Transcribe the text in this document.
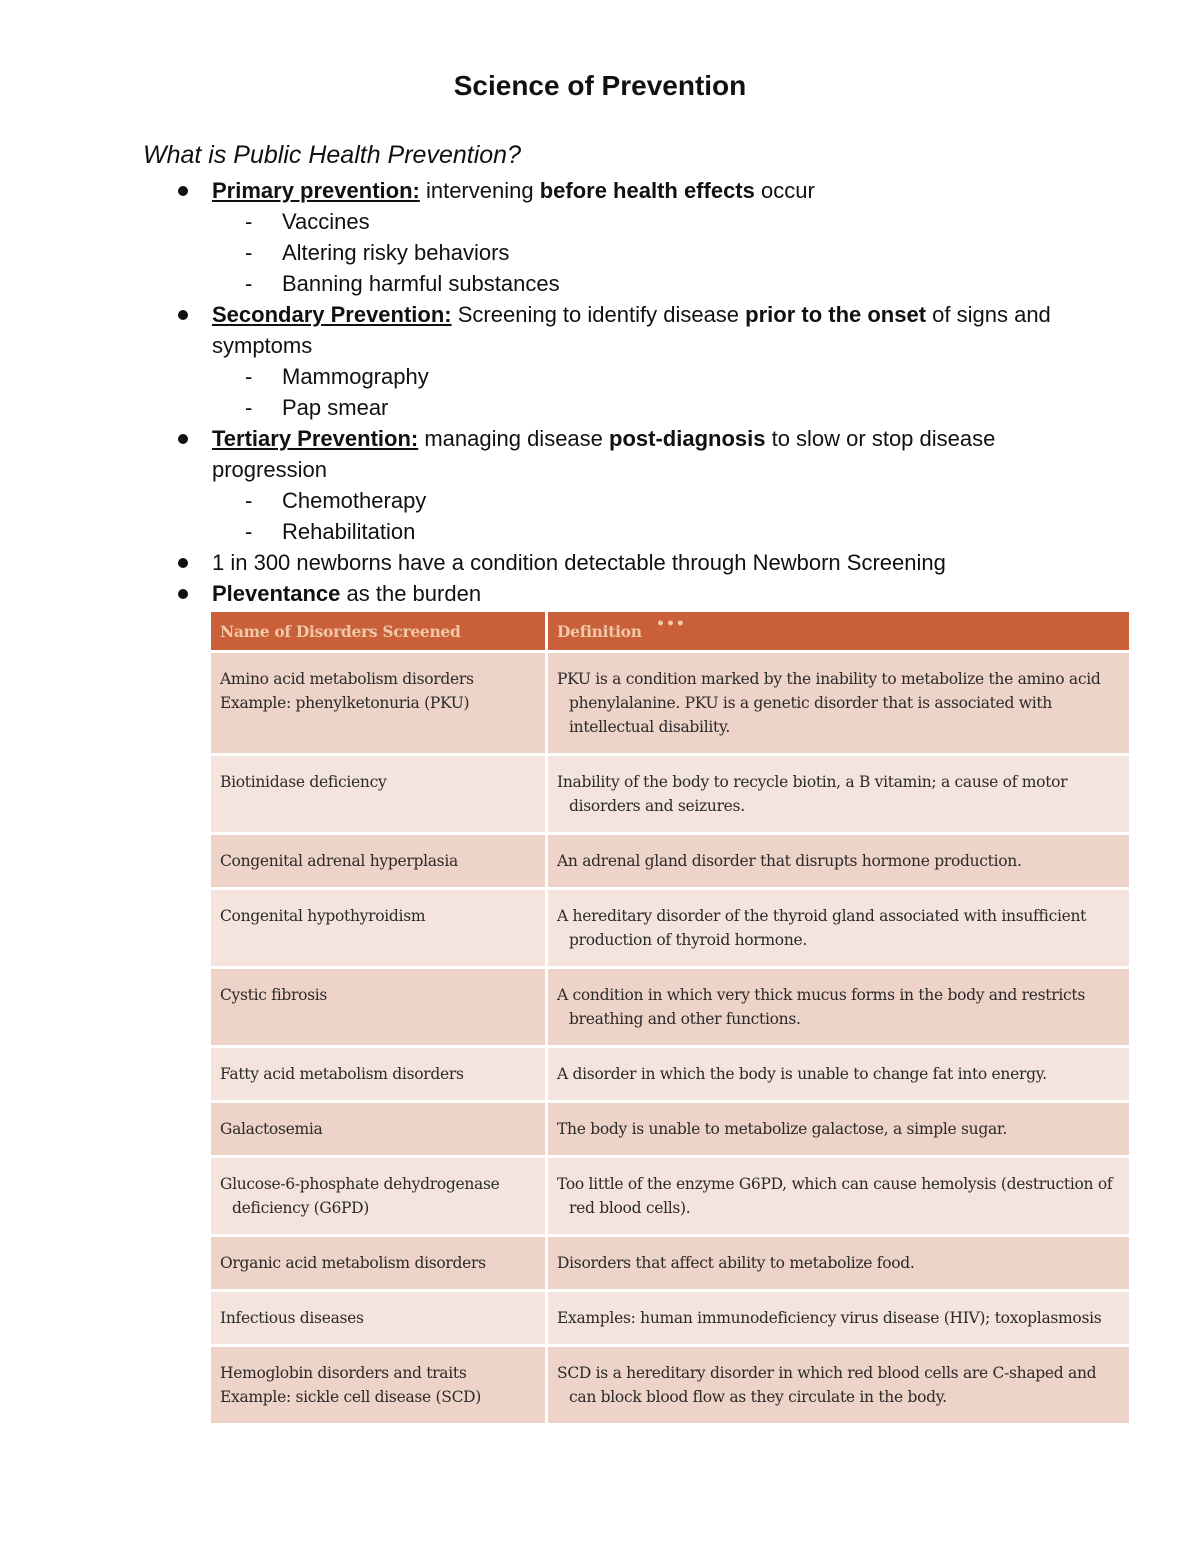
Science of Prevention
What is Public Health Prevention?
Primary prevention: intervening before health effects occur
- Vaccines
- Altering risky behaviors
- Banning harmful substances
Secondary Prevention: Screening to identify disease prior to the onset of signs and symptoms
- Mammography
- Pap smear
Tertiary Prevention: managing disease post-diagnosis to slow or stop disease progression
- Chemotherapy
- Rehabilitation
1 in 300 newborns have a condition detectable through Newborn Screening
Pleventance as the burden
Name of Disorders Screened	Definition •••

Amino acid metabolism disorders
Example: phenylketonuria (PKU)	PKU is a condition marked by the inability to metabolize the amino acid phenylalanine. PKU is a genetic disorder that is associated with intellectual disability.

Biotinidase deficiency	Inability of the body to recycle biotin, a B vitamin; a cause of motor disorders and seizures.

Congenital adrenal hyperplasia	An adrenal gland disorder that disrupts hormone production.

Congenital hypothyroidism	A hereditary disorder of the thyroid gland associated with insufficient production of thyroid hormone.

Cystic fibrosis	A condition in which very thick mucus forms in the body and restricts breathing and other functions.

Fatty acid metabolism disorders	A disorder in which the body is unable to change fat into energy.

Galactosemia	The body is unable to metabolize galactose, a simple sugar.

Glucose-6-phosphate dehydrogenase deficiency (G6PD)	Too little of the enzyme G6PD, which can cause hemolysis (destruction of red blood cells).

Organic acid metabolism disorders	Disorders that affect ability to metabolize food.

Infectious diseases	Examples: human immunodeficiency virus disease (HIV); toxoplasmosis

Hemoglobin disorders and traits
Example: sickle cell disease (SCD)	SCD is a hereditary disorder in which red blood cells are C-shaped and can block blood flow as they circulate in the body.
